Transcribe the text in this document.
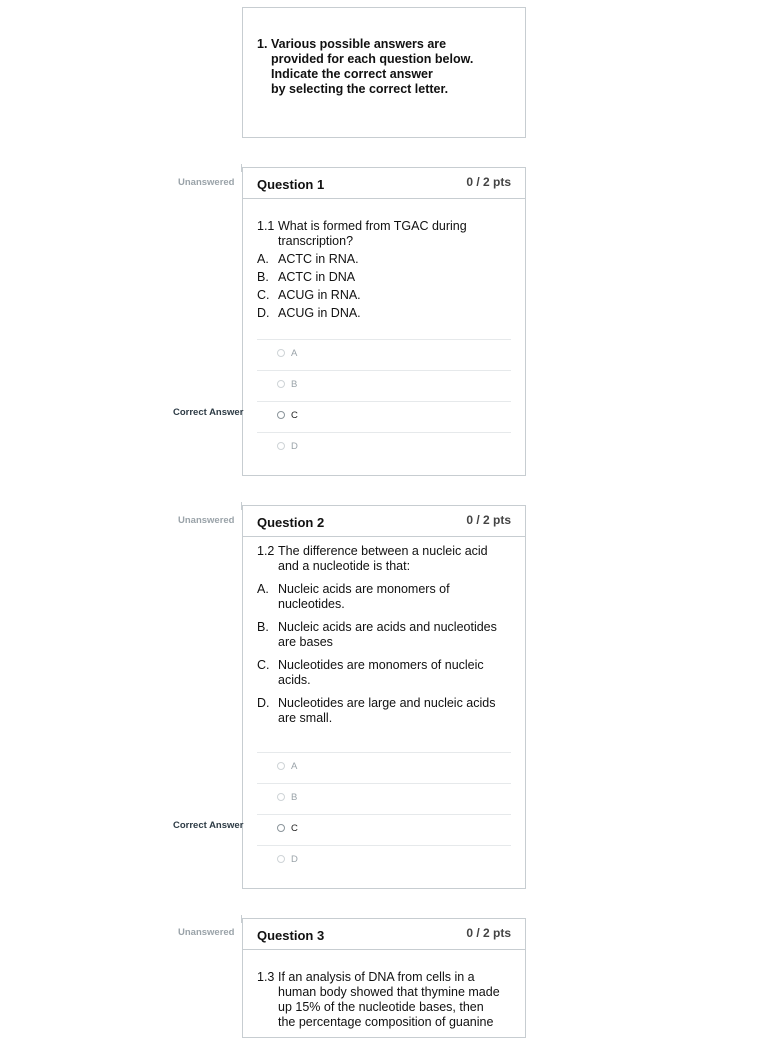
1. Various possible answers are
provided for each question below.
Indicate the correct answer
by selecting the correct letter.
Unanswered Question 1	0 / 2 pts
1.1 What is formed from TGAC during
transcription?
A. ACTC in RNA.
B. ACTC in DNA
C. ACUG in RNA.
D. ACUG in DNA.
A
B
C
D
Correct Answer
Unanswered Question 2	0 / 2 pts
1.2 The difference between a nucleic acid
and a nucleotide is that:
A. Nucleic acids are monomers of
nucleotides.
B. Nucleic acids are acids and nucleotides
are bases
C. Nucleotides are monomers of nucleic
acids.
D. Nucleotides are large and nucleic acids
are small.
A
B
C
D
Correct Answer
Unanswered Question 3	0 / 2 pts
1.3 If an analysis of DNA from cells in a
human body showed that thymine made
up 15% of the nucleotide bases, then
the percentage composition of guanine
